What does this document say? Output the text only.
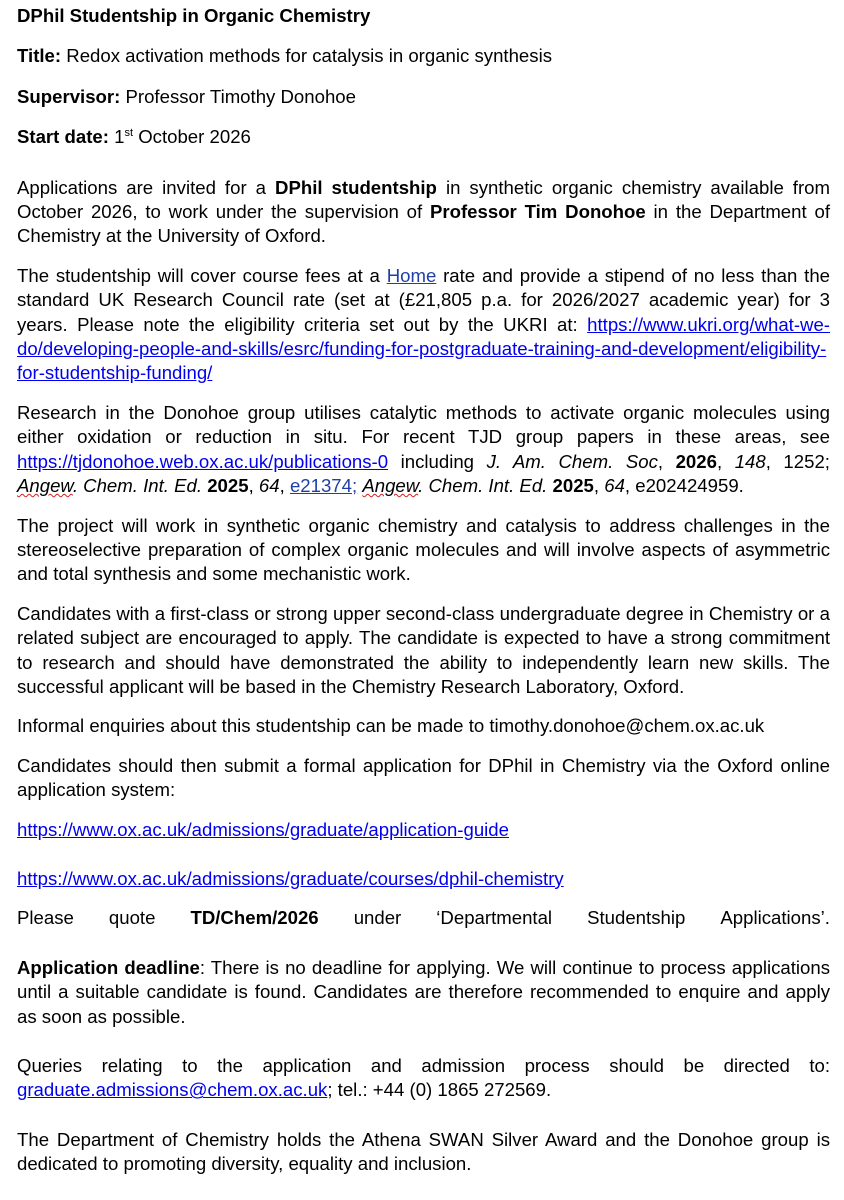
DPhil Studentship in Organic Chemistry

Title: Redox activation methods for catalysis in organic synthesis

Supervisor: Professor Timothy Donohoe

Start date: 1st October 2026

Applications are invited for a DPhil studentship in synthetic organic chemistry available from October 2026, to work under the supervision of Professor Tim Donohoe in the Department of Chemistry at the University of Oxford.

The studentship will cover course fees at a Home rate and provide a stipend of no less than the standard UK Research Council rate (set at (£21,805 p.a. for 2026/2027 academic year) for 3 years. Please note the eligibility criteria set out by the UKRI at: https://www.ukri.org/what-we-do/developing-people-and-skills/esrc/funding-for-postgraduate-training-and-development/eligibility-for-studentship-funding/

Research in the Donohoe group utilises catalytic methods to activate organic molecules using either oxidation or reduction in situ. For recent TJD group papers in these areas, see https://tjdonohoe.web.ox.ac.uk/publications-0 including J. Am. Chem. Soc, 2026, 148, 1252; Angew. Chem. Int. Ed. 2025, 64, e21374; Angew. Chem. Int. Ed. 2025, 64, e202424959.

The project will work in synthetic organic chemistry and catalysis to address challenges in the stereoselective preparation of complex organic molecules and will involve aspects of asymmetric and total synthesis and some mechanistic work.

Candidates with a first-class or strong upper second-class undergraduate degree in Chemistry or a related subject are encouraged to apply. The candidate is expected to have a strong commitment to research and should have demonstrated the ability to independently learn new skills. The successful applicant will be based in the Chemistry Research Laboratory, Oxford.

Informal enquiries about this studentship can be made to timothy.donohoe@chem.ox.ac.uk

Candidates should then submit a formal application for DPhil in Chemistry via the Oxford online application system:

https://www.ox.ac.uk/admissions/graduate/application-guide

https://www.ox.ac.uk/admissions/graduate/courses/dphil-chemistry

Please quote TD/Chem/2026 under ‘Departmental Studentship Applications’.

Application deadline: There is no deadline for applying. We will continue to process applications until a suitable candidate is found. Candidates are therefore recommended to enquire and apply as soon as possible.

Queries relating to the application and admission process should be directed to: graduate.admissions@chem.ox.ac.uk; tel.: +44 (0) 1865 272569.

The Department of Chemistry holds the Athena SWAN Silver Award and the Donohoe group is dedicated to promoting diversity, equality and inclusion.
